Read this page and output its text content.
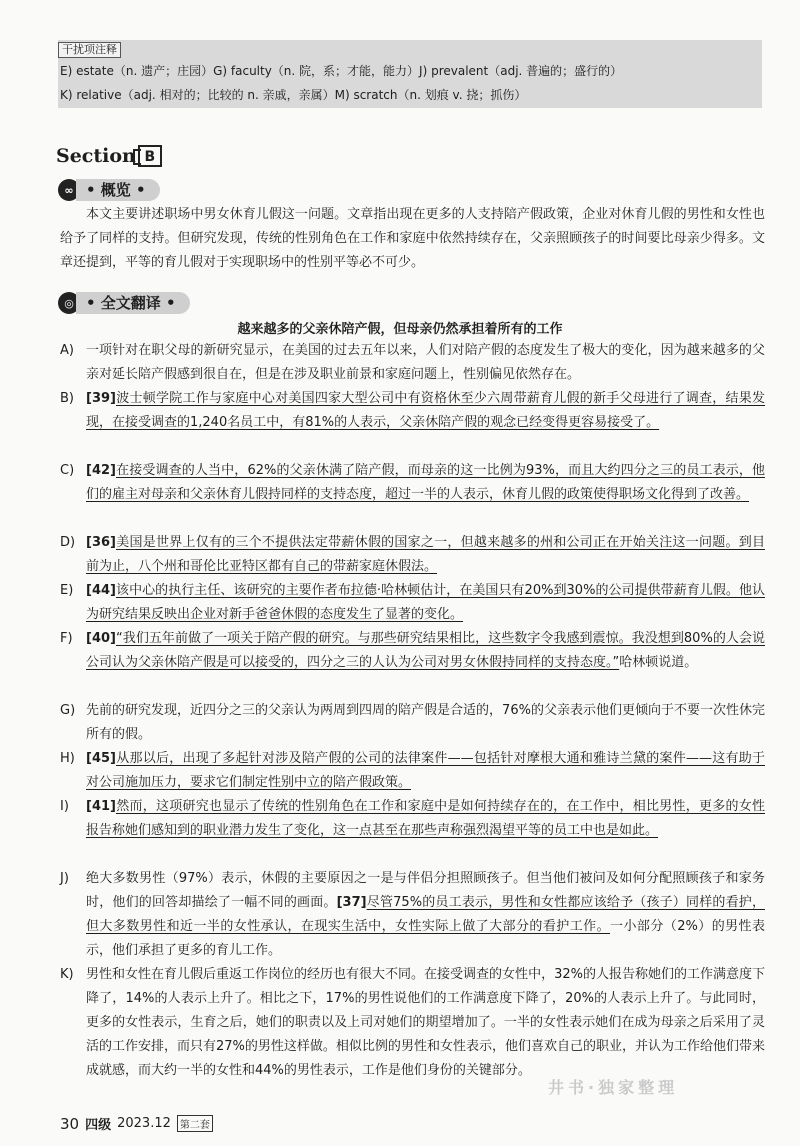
干扰项注释
E) estate（n. 遗产；庄园）G) faculty（n. 院，系；才能，能力）J) prevalent（adj. 普遍的；盛行的）
K) relative（adj. 相对的；比较的 n. 亲戚，亲属）M) scratch（n. 划痕 v. 挠；抓伤）
Section B
∞ • 概览 •

本文主要讲述职场中男女休育儿假这一问题。文章指出现在更多的人支持陪产假政策，企业对休育儿假的男性和女性也给予了同样的支持。但研究发现，传统的性别角色在工作和家庭中依然持续存在，父亲照顾孩子的时间要比母亲少得多。文章还提到，平等的育儿假对于实现职场中的性别平等必不可少。

◎ • 全文翻译 •
越来越多的父亲休陪产假，但母亲仍然承担着所有的工作
A) 一项针对在职父母的新研究显示，在美国的过去五年以来，人们对陪产假的态度发生了极大的变化，因为越来越多的父亲对延长陪产假感到很自在，但是在涉及职业前景和家庭问题上，性别偏见依然存在。
B) [39]波士顿学院工作与家庭中心对美国四家大型公司中有资格休至少六周带薪育儿假的新手父母进行了调查，结果发现，在接受调查的1,240名员工中，有81%的人表示，父亲休陪产假的观念已经变得更容易接受了。
C) [42]在接受调查的人当中，62%的父亲休满了陪产假，而母亲的这一比例为93%，而且大约四分之三的员工表示，他们的雇主对母亲和父亲休育儿假持同样的支持态度，超过一半的人表示，休育儿假的政策使得职场文化得到了改善。
D) [36]美国是世界上仅有的三个不提供法定带薪休假的国家之一，但越来越多的州和公司正在开始关注这一问题。到目前为止，八个州和哥伦比亚特区都有自己的带薪家庭休假法。
E) [44]该中心的执行主任、该研究的主要作者布拉德·哈林顿估计，在美国只有20%到30%的公司提供带薪育儿假。他认为研究结果反映出企业对新手爸爸休假的态度发生了显著的变化。
F) [40]“我们五年前做了一项关于陪产假的研究。与那些研究结果相比，这些数字令我感到震惊。我没想到80%的人会说公司认为父亲休陪产假是可以接受的，四分之三的人认为公司对男女休假持同样的支持态度。”哈林顿说道。
G) 先前的研究发现，近四分之三的父亲认为两周到四周的陪产假是合适的，76%的父亲表示他们更倾向于不要一次性休完所有的假。
H) [45]从那以后，出现了多起针对涉及陪产假的公司的法律案件——包括针对摩根大通和雅诗兰黛的案件——这有助于对公司施加压力，要求它们制定性别中立的陪产假政策。
I) [41]然而，这项研究也显示了传统的性别角色在工作和家庭中是如何持续存在的，在工作中，相比男性，更多的女性报告称她们感知到的职业潜力发生了变化，这一点甚至在那些声称强烈渴望平等的员工中也是如此。
J) 绝大多数男性（97%）表示，休假的主要原因之一是与伴侣分担照顾孩子。但当他们被问及如何分配照顾孩子和家务时，他们的回答却描绘了一幅不同的画面。[37]尽管75%的员工表示，男性和女性都应该给予（孩子）同样的看护，但大多数男性和近一半的女性承认，在现实生活中，女性实际上做了大部分的看护工作。一小部分（2%）的男性表示，他们承担了更多的育儿工作。
K) 男性和女性在育儿假后重返工作岗位的经历也有很大不同。在接受调查的女性中，32%的人报告称她们的工作满意度下降了，14%的人表示上升了。相比之下，17%的男性说他们的工作满意度下降了，20%的人表示上升了。与此同时，更多的女性表示，生育之后，她们的职责以及上司对她们的期望增加了。一半的女性表示她们在成为母亲之后采用了灵活的工作安排，而只有27%的男性这样做。相似比例的男性和女性表示，他们喜欢自己的职业，并认为工作给他们带来成就感，而大约一半的女性和44%的男性表示，工作是他们身份的关键部分。
30 四级 2023.12 第二套
井书·独家整理
